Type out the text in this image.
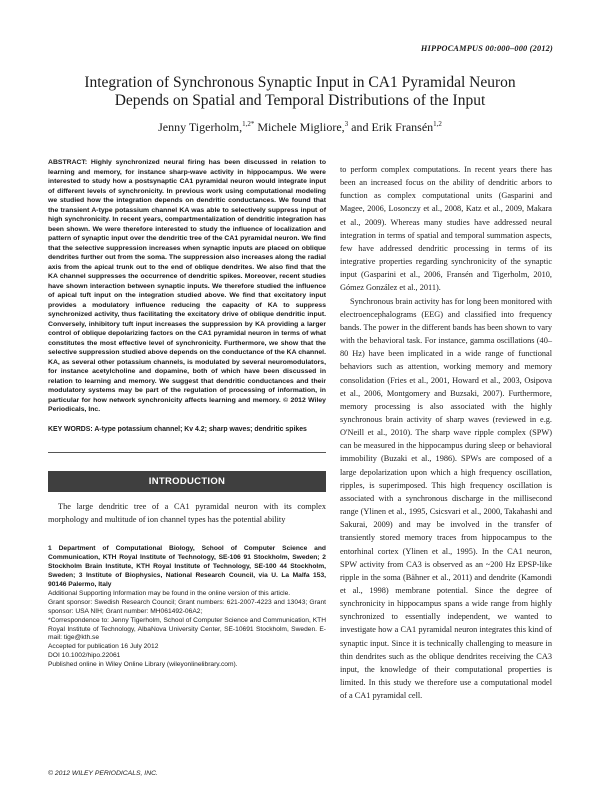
HIPPOCAMPUS 00:000–000 (2012)
Integration of Synchronous Synaptic Input in CA1 Pyramidal Neuron
Depends on Spatial and Temporal Distributions of the Input
Jenny Tigerholm,$^{1,2*}$ Michele Migliore,$^3$ and Erik Fransén$^{1,2}$
ABSTRACT: Highly synchronized neural firing has been discussed in relation to learning and memory, for instance sharp-wave activity in hippocampus. We were interested to study how a postsynaptic CA1 pyramidal neuron would integrate input of different levels of synchronicity. In previous work using computational modeling we studied how the integration depends on dendritic conductances. We found that the transient A-type potassium channel KA was able to selectively suppress input of high synchronicity. In recent years, compartmentalization of dendritic integration has been shown. We were therefore interested to study the influence of localization and pattern of synaptic input over the dendritic tree of the CA1 pyramidal neuron. We find that the selective suppression increases when synaptic inputs are placed on oblique dendrites further out from the soma. The suppression also increases along the radial axis from the apical trunk out to the end of oblique dendrites. We also find that the KA channel suppresses the occurrence of dendritic spikes. Moreover, recent studies have shown interaction between synaptic inputs. We therefore studied the influence of apical tuft input on the integration studied above. We find that excitatory input provides a modulatory influence reducing the capacity of KA to suppress synchronized activity, thus facilitating the excitatory drive of oblique dendritic input. Conversely, inhibitory tuft input increases the suppression by KA providing a larger control of oblique depolarizing factors on the CA1 pyramidal neuron in terms of what constitutes the most effective level of synchronicity. Furthermore, we show that the selective suppression studied above depends on the conductance of the KA channel. KA, as several other potassium channels, is modulated by several neuromodulators, for instance acetylcholine and dopamine, both of which have been discussed in relation to learning and memory. We suggest that dendritic conductances and their modulatory systems may be part of the regulation of processing of information, in particular for how network synchronicity affects learning and memory. © 2012 Wiley Periodicals, Inc.
KEY WORDS: A-type potassium channel; Kv 4.2; sharp waves; dendritic spikes
INTRODUCTION
The large dendritic tree of a CA1 pyramidal neuron with its complex morphology and multitude of ion channel types has the potential ability
1 Department of Computational Biology, School of Computer Science and Communication, KTH Royal Institute of Technology, SE-106 91 Stockholm, Sweden; 2 Stockholm Brain Institute, KTH Royal Institute of Technology, SE-100 44 Stockholm, Sweden; 3 Institute of Biophysics, National Research Council, via U. La Malfa 153, 90146 Palermo, Italy
Additional Supporting Information may be found in the online version of this article.
Grant sponsor: Swedish Research Council; Grant numbers: 621-2007-4223 and 13043; Grant sponsor: USA NIH; Grant number: MH061492-06A2;
*Correspondence to: Jenny Tigerholm, School of Computer Science and Communication, KTH Royal Institute of Technology, AlbaNova University Center, SE-10691 Stockholm, Sweden. E-mail: tige@kth.se
Accepted for publication 16 July 2012
DOI 10.1002/hipo.22061
Published online in Wiley Online Library (wileyonlinelibrary.com).

to perform complex computations. In recent years there has been an increased focus on the ability of dendritic arbors to function as complex computational units (Gasparini and Magee, 2006, Losonczy et al., 2008, Katz et al., 2009, Makara et al., 2009). Whereas many studies have addressed neural integration in terms of spatial and temporal summation aspects, few have addressed dendritic processing in terms of its integrative properties regarding synchronicity of the synaptic input (Gasparini et al., 2006, Fransén and Tigerholm, 2010, Gómez González et al., 2011).

Synchronous brain activity has for long been monitored with electroencephalograms (EEG) and classified into frequency bands. The power in the different bands has been shown to vary with the behavioral task. For instance, gamma oscillations (40–80 Hz) have been implicated in a wide range of functional behaviors such as attention, working memory and memory consolidation (Fries et al., 2001, Howard et al., 2003, Osipova et al., 2006, Montgomery and Buzsaki, 2007). Furthermore, memory processing is also associated with the highly synchronous brain activity of sharp waves (reviewed in e.g. O'Neill et al., 2010). The sharp wave ripple complex (SPW) can be measured in the hippocampus during sleep or behavioral immobility (Buzaki et al., 1986). SPWs are composed of a large depolarization upon which a high frequency oscillation, ripples, is superimposed. This high frequency oscillation is associated with a synchronous discharge in the millisecond range (Ylinen et al., 1995, Csicsvari et al., 2000, Takahashi and Sakurai, 2009) and may be involved in the transfer of transiently stored memory traces from hippocampus to the entorhinal cortex (Ylinen et al., 1995). In the CA1 neuron, SPW activity from CA3 is observed as an ~200 Hz EPSP-like ripple in the soma (Bähner et al., 2011) and dendrite (Kamondi et al., 1998) membrane potential. Since the degree of synchronicity in hippocampus spans a wide range from highly synchronized to essentially independent, we wanted to investigate how a CA1 pyramidal neuron integrates this kind of synaptic input. Since it is technically challenging to measure in thin dendrites such as the oblique dendrites receiving the CA3 input, the knowledge of their computational properties is limited. In this study we therefore use a computational model of a CA1 pyramidal cell.

© 2012 WILEY PERIODICALS, INC.
